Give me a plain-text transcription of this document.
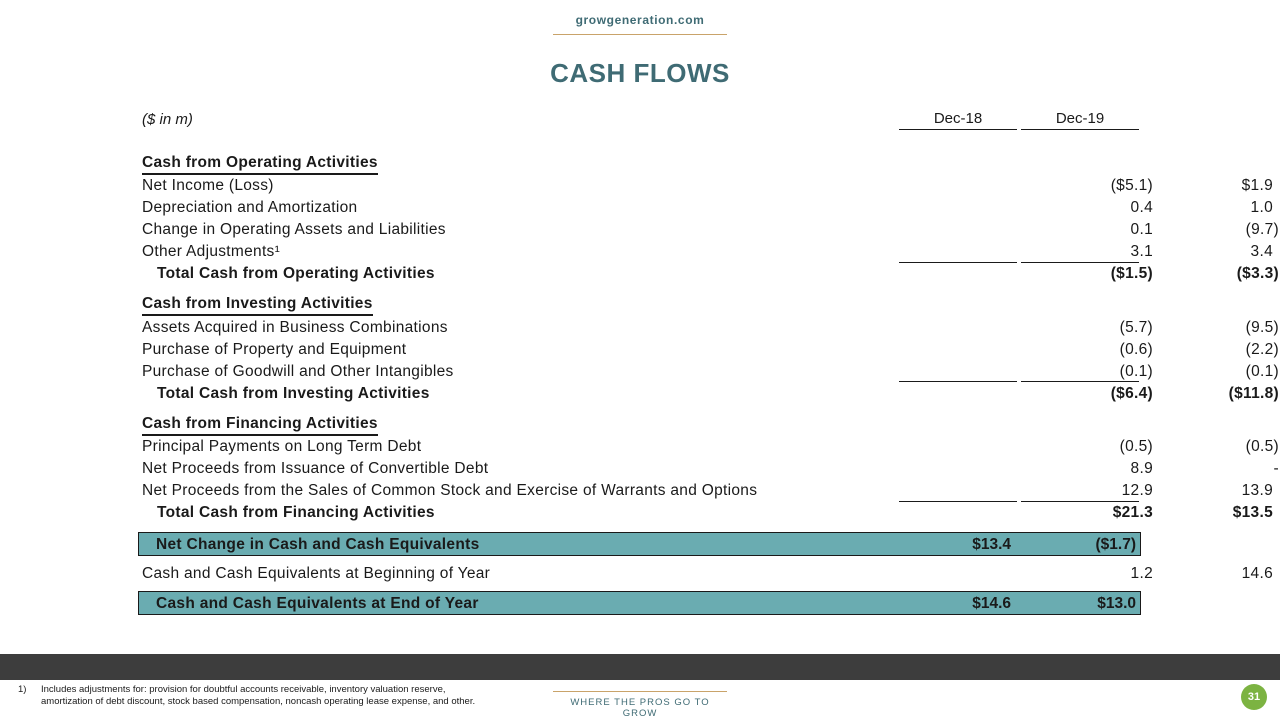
growgeneration.com
CASH FLOWS
($ in m)	Dec-18	Dec-19
Cash from Operating Activities
Net Income (Loss)	($5.1)	$1.9
Depreciation and Amortization	0.4	1.0
Change in Operating Assets and Liabilities	0.1	(9.7)
Other Adjustments¹	3.1	3.4
Total Cash from Operating Activities	($1.5)	($3.3)
Cash from Investing Activities
Assets Acquired in Business Combinations	(5.7)	(9.5)
Purchase of Property and Equipment	(0.6)	(2.2)
Purchase of Goodwill and Other Intangibles	(0.1)	(0.1)
Total Cash from Investing Activities	($6.4)	($11.8)
Cash from Financing Activities
Principal Payments on Long Term Debt	(0.5)	(0.5)
Net Proceeds from Issuance of Convertible Debt	8.9	-
Net Proceeds from the Sales of Common Stock and Exercise of Warrants and Options	12.9	13.9
Total Cash from Financing Activities	$21.3	$13.5
Net Change in Cash and Cash Equivalents	$13.4	($1.7)
Cash and Cash Equivalents at Beginning of Year	1.2	14.6
Cash and Cash Equivalents at End of Year	$14.6	$13.0
1) Includes adjustments for: provision for doubtful accounts receivable, inventory valuation reserve,
amortization of debt discount, stock based compensation, noncash operating lease expense, and other.	WHERE THE PROS GO TO GROW
31
